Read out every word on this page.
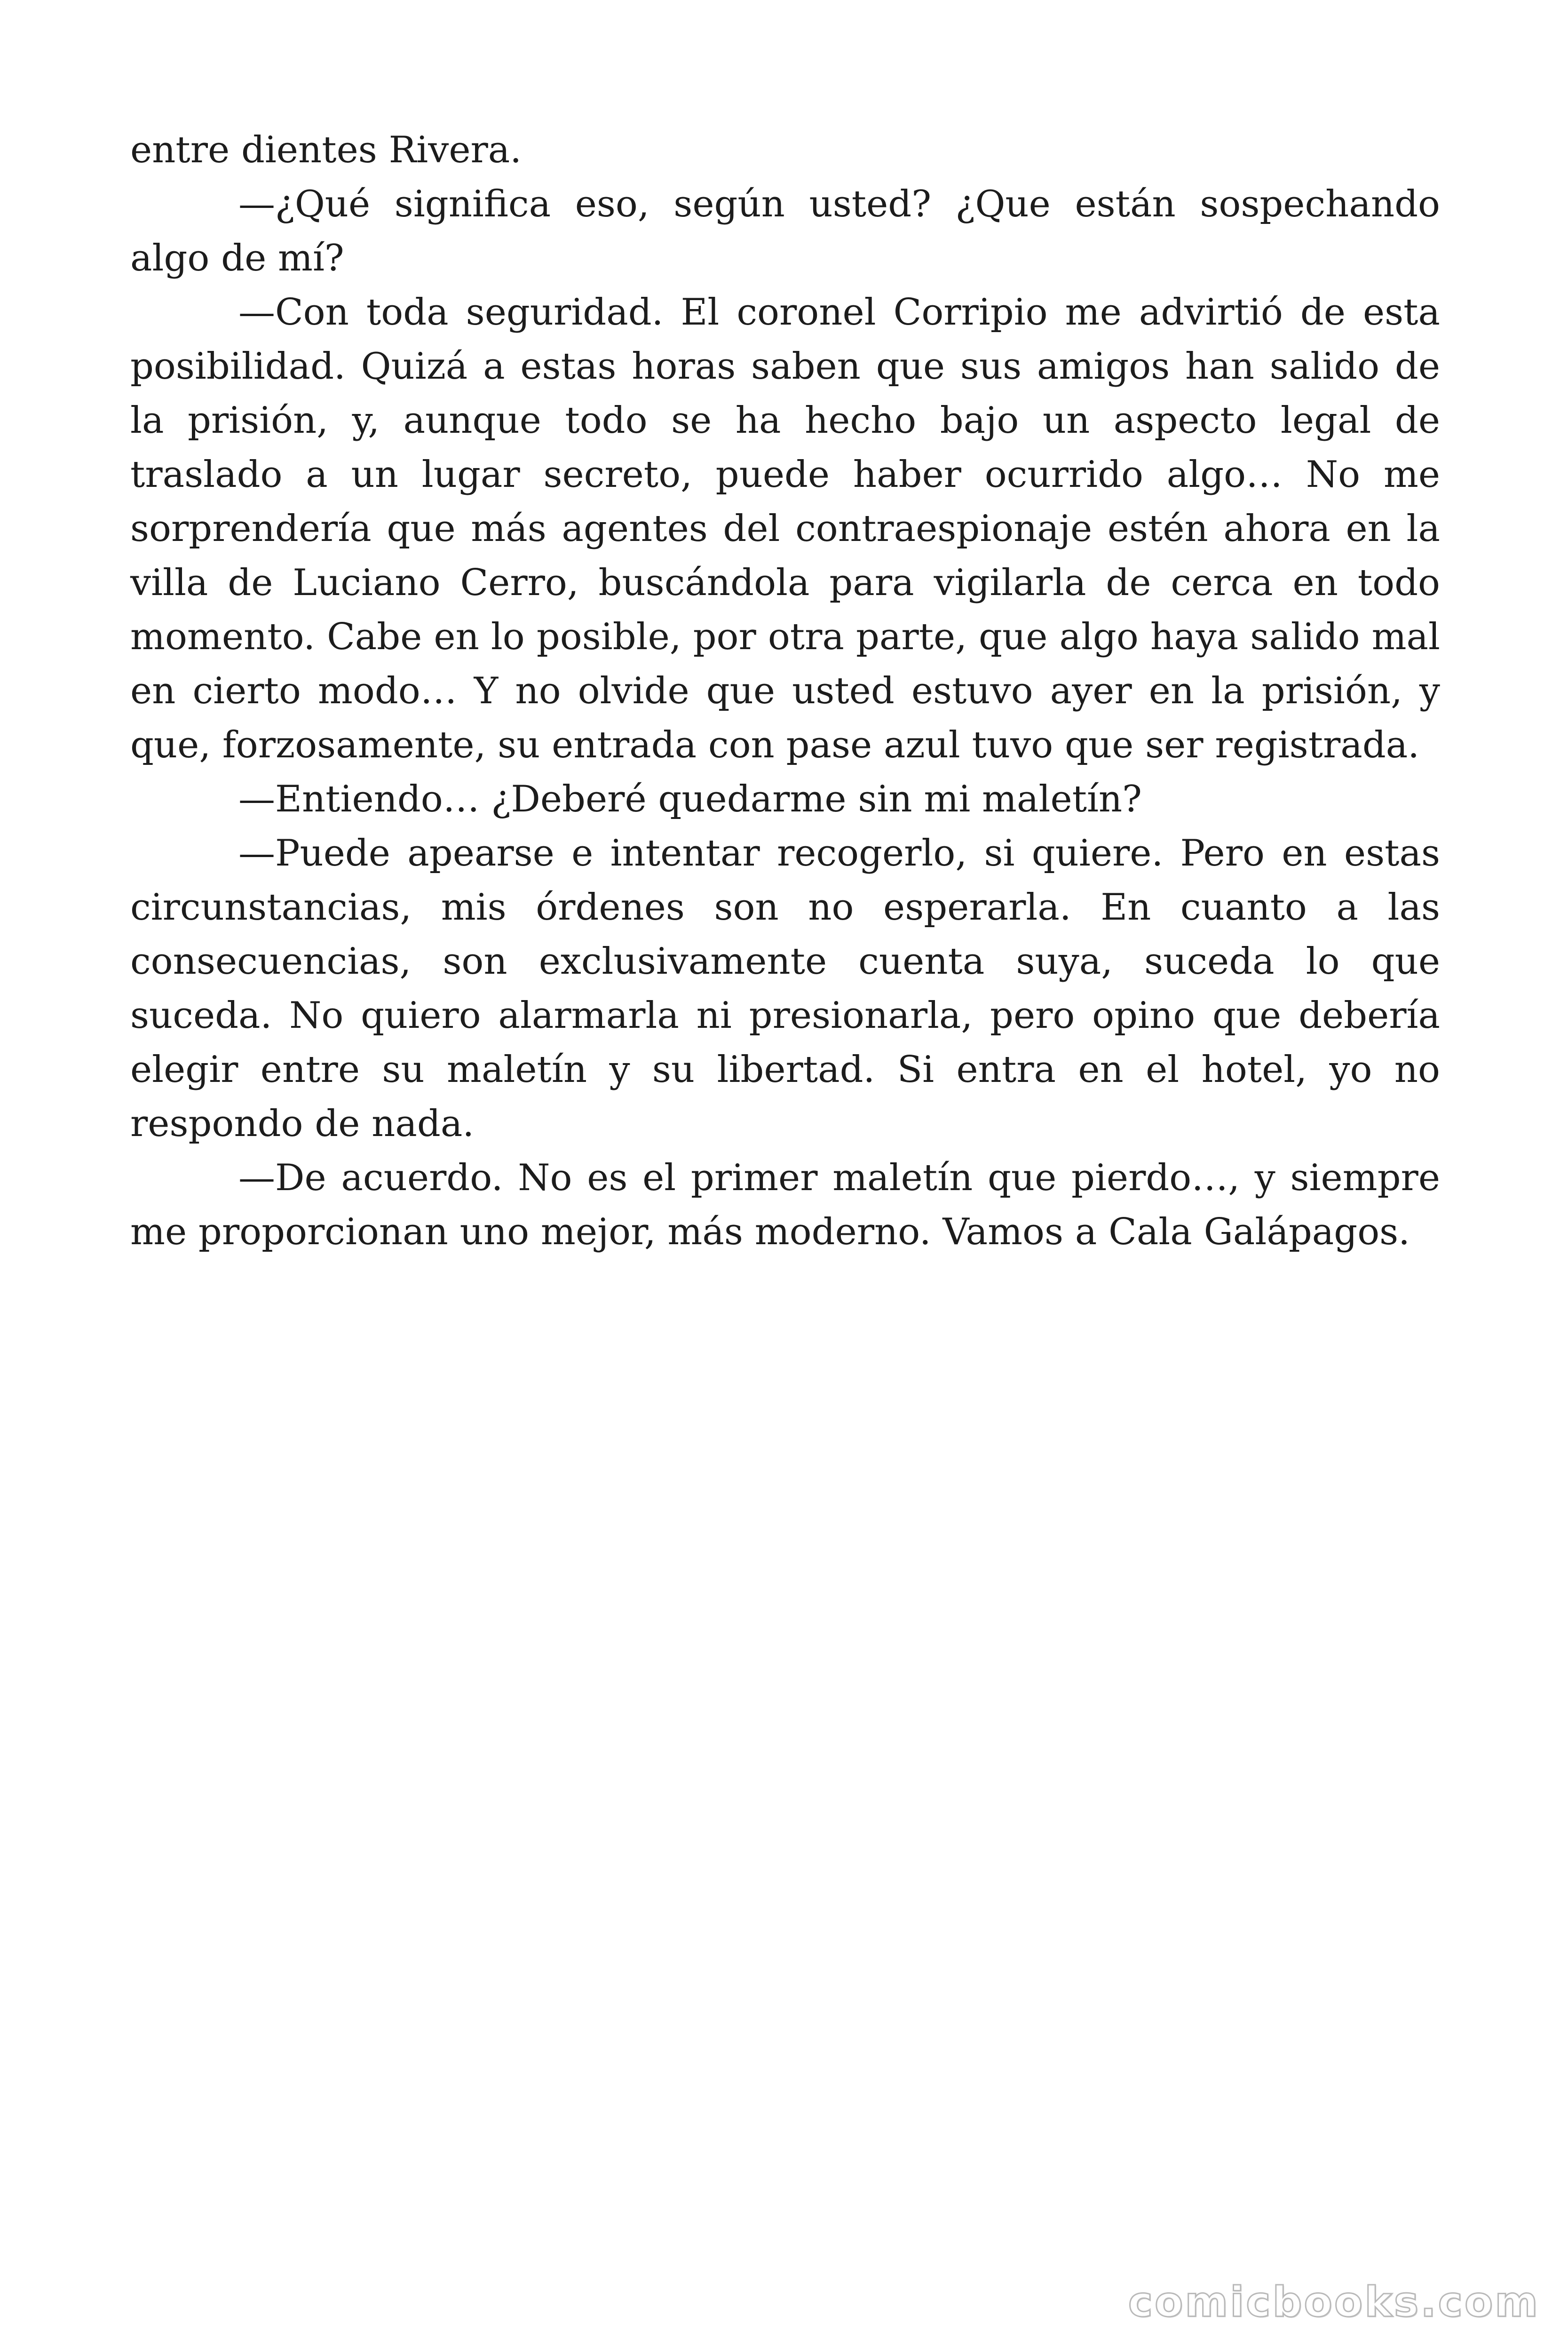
entre dientes Rivera.

—¿Qué significa eso, según usted? ¿Que están sospechando algo de mí?

—Con toda seguridad. El coronel Corripio me advirtió de esta posibilidad. Quizá a estas horas saben que sus amigos han salido de la prisión, y, aunque todo se ha hecho bajo un aspecto legal de traslado a un lugar secreto, puede haber ocurrido algo… No me sorprendería que más agentes del contraespionaje estén ahora en la villa de Luciano Cerro, buscándola para vigilarla de cerca en todo momento. Cabe en lo posible, por otra parte, que algo haya salido mal en cierto modo… Y no olvide que usted estuvo ayer en la prisión, y que, forzosamente, su entrada con pase azul tuvo que ser registrada.

—Entiendo… ¿Deberé quedarme sin mi maletín?

—Puede apearse e intentar recogerlo, si quiere. Pero en estas circunstancias, mis órdenes son no esperarla. En cuanto a las consecuencias, son exclusivamente cuenta suya, suceda lo que suceda. No quiero alarmarla ni presionarla, pero opino que debería elegir entre su maletín y su libertad. Si entra en el hotel, yo no respondo de nada.

—De acuerdo. No es el primer maletín que pierdo…, y siempre me proporcionan uno mejor, más moderno. Vamos a Cala Galápagos.

comicbooks.com
